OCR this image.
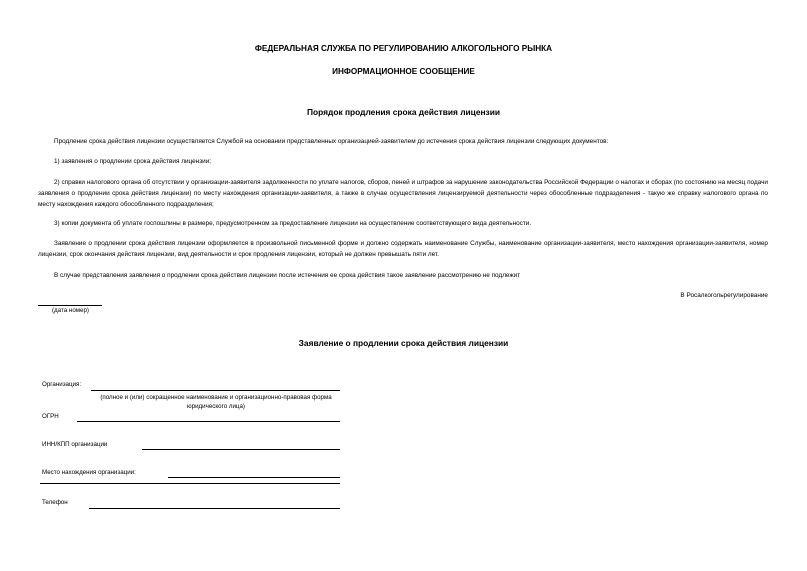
ФЕДЕРАЛЬНАЯ СЛУЖБА ПО РЕГУЛИРОВАНИЮ АЛКОГОЛЬНОГО РЫНКА
ИНФОРМАЦИОННОЕ СООБЩЕНИЕ
Порядок продления срока действия лицензии
Продление срока действия лицензии осуществляется Службой на основании представленных организацией-заявителем до истечения срока действия лицензии следующих документов:
1) заявления о продлении срока действия лицензии;
2) справки налогового органа об отсутствии у организации-заявителя задолженности по уплате налогов, сборов, пеней и штрафов за нарушение законодательства Российской Федерации о налогах и сборах (по состоянию на месяц подачи заявления о продлении срока действия лицензии) по месту нахождения организации-заявителя, а также в случае осуществления лицензируемой деятельности через обособленные подразделения - такую же справку налогового органа по месту нахождения каждого обособленного подразделения;
3) копии документа об уплате госпошлины в размере, предусмотренном за предоставление лицензии на осуществление соответствующего вида деятельности.
Заявление о продлении срока действия лицензии оформляется в произвольной письменной форме и должно содержать наименование Службы, наименование организации-заявителя, место нахождения организации-заявителя, номер лицензии, срок окончания действия лицензии, вид деятельности и срок продления лицензии, который не должен превышать пяти лет.
В случае представления заявления о продлении срока действия лицензии после истечения ее срока действия такое заявление рассмотрению не подлежит
В Росалкогольрегулирование
(дата номер)
Заявление о продлении срока действия лицензии
Организация:
(полное и (или) сокращенное наименование и организационно-правовая форма юридического лица)
ОГРН
ИНН/КПП организации
Место нахождения организации:
Телефон
